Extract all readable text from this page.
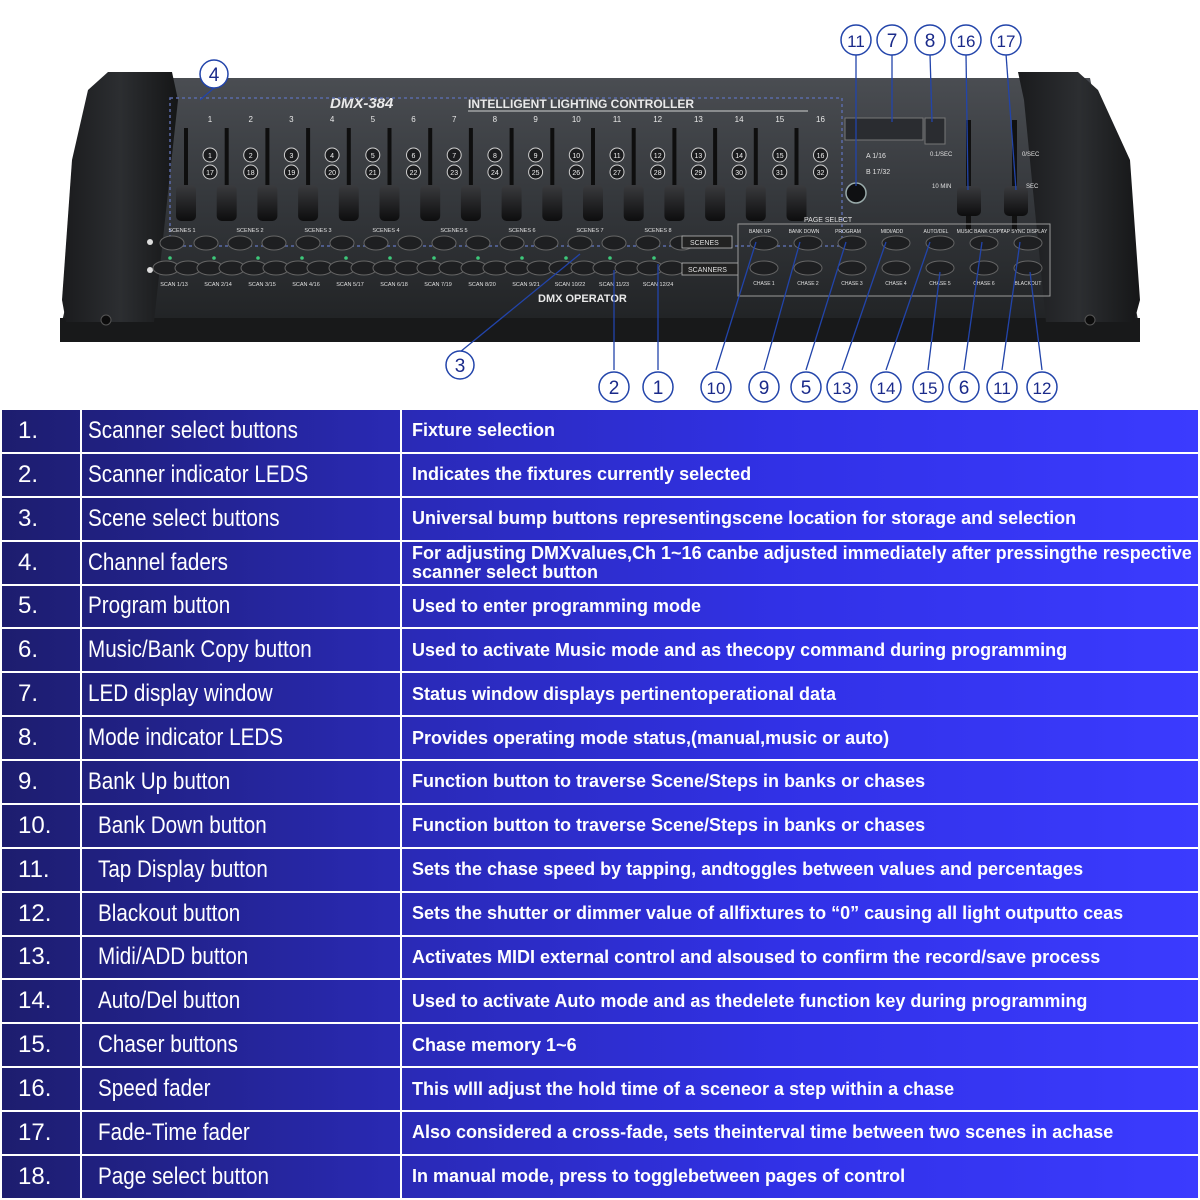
DMX-384	INTELLIGENT LIGHTING CONTROLLER
1
1
17
2
2
18
3
3
19
4
4
20
5
5
21
6
6
22
7
7
23
8
8
24
9
9
25
10
10
26
11
11
27
12
12
28
13
13
29
14
14
30
15
15
31
16
16
32
A 1/16
B 17/32
PAGE SELECT
0.1/SEC
10 MIN
0/SEC
SEC
SCENES 1	SCENES 2	SCENES 3	SCENES 4	SCENES 5	SCENES 6	SCENES 7	SCENES 8
SCAN 1/13	SCAN 2/14	SCAN 3/15	SCAN 4/16	SCAN 5/17	SCAN 6/18	SCAN 7/19	SCAN 8/20	SCAN 9/21	SCAN 10/22 SCAN 11/23 SCAN 12/24
SCENES
SCANNERS
BANK UP	BANK DOWN	PROGRAM	MIDI/ADD	AUTO/DEL MUSIC BANK COPY
TAP SYNC DISPLAY
CHASE 1	CHASE 2	CHASE 3	CHASE 4	CHASE 5	CHASE 6	BLACKOUT
DMX OPERATOR
4
3
11 7 8 16 17
2 1	10 9 5 13 14 15 6 11 12
1.	Scanner select buttons	Fixture selection
2.	Scanner indicator LEDS	Indicates the fixtures currently selected
3.	Scene select buttons	Universal bump buttons representingscene location for storage and selection
4.	Channel faders	For adjusting DMXvalues,Ch 1~16 canbe adjusted immediately after pressingthe respective scanner select button
5.	Program button	Used to enter programming mode
6.	Music/Bank Copy button	Used to activate Music mode and as thecopy command during programming
7.	LED display window	Status window displays pertinentoperational data
8.	Mode indicator LEDS	Provides operating mode status,(manual,music or auto)
9.	Bank Up button	Function button to traverse Scene/Steps in banks or chases
10.	Bank Down button	Function button to traverse Scene/Steps in banks or chases
11.	Tap Display button	Sets the chase speed by tapping, andtoggles between values and percentages
12.	Blackout button	Sets the shutter or dimmer value of allfixtures to “0” causing all light outputto ceas
13.	Midi/ADD button	Activates MIDI external control and alsoused to confirm the record/save process
14.	Auto/Del button	Used to activate Auto mode and as thedelete function key during programming
15.	Chaser buttons	Chase memory 1~6
16.	Speed fader	This wlll adjust the hold time of a sceneor a step within a chase
17.	Fade-Time fader	Also considered a cross-fade, sets theinterval time between two scenes in achase
18.	Page select button	In manual mode, press to togglebetween pages of control
